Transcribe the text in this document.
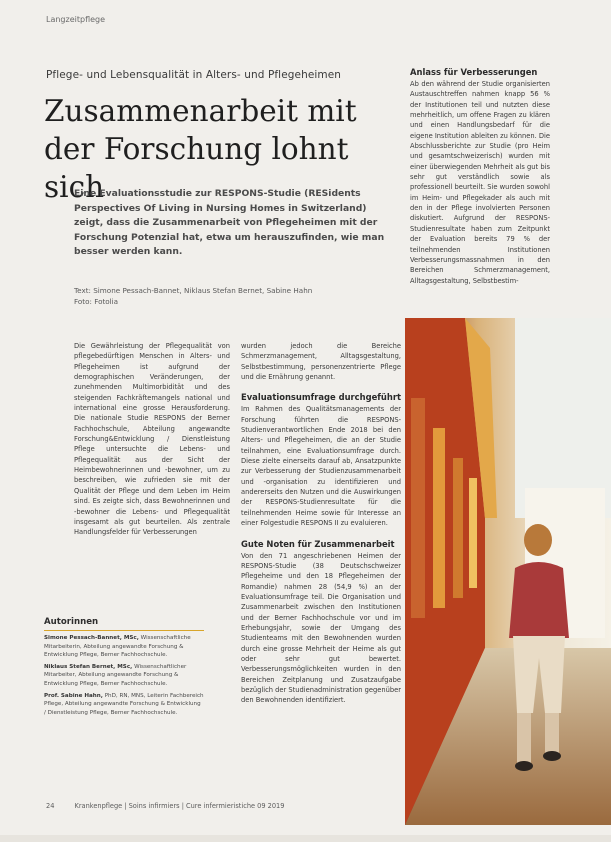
Langzeitpflege
Pflege- und Lebensqualität in Alters- und Pflegeheimen
Zusammenarbeit mit der Forschung lohnt sich
Eine Evaluationsstudie zur RESPONS-Studie (RESidents Perspectives Of Living in Nursing Homes in Switzerland) zeigt, dass die Zusammenarbeit von Pflegeheimen mit der Forschung Potenzial hat, etwa um herauszufinden, wie man besser werden kann.
Text: Simone Pessach-Bannet, Niklaus Stefan Bernet, Sabine Hahn
Foto: Fotolia

Die Gewährleistung der Pflegequalität von pflegebedürftigen Menschen in Alters- und Pflegeheimen ist aufgrund der demographischen Veränderungen, der zunehmenden Multimorbidität und des steigenden Fachkräftemangels national und international eine grosse Herausforderung. Die nationale Studie RESPONS der Berner Fachhochschule, Abteilung angewandte Forschung&Entwicklung / Dienstleistung Pflege untersuchte die Lebens- und Pflegequalität aus der Sicht der Heimbewohnerinnen und -bewohner, um zu beschreiben, wie zufrieden sie mit der Qualität der Pflege und dem Leben im Heim sind. Es zeigte sich, dass Bewohnerinnen und -bewohner die Lebens- und Pflegequalität insgesamt als gut beurteilen. Als zentrale Handlungsfelder für Verbesserungen

wurden jedoch die Bereiche Schmerzmanagement, Alltagsgestaltung, Selbstbestimmung, personenzentrierte Pflege und die Ernährung genannt.

Evaluationsumfrage durchgeführt

Im Rahmen des Qualitätsmanagements der Forschung führten die RESPONS-Studienverantwortlichen Ende 2018 bei den Alters- und Pflegeheimen, die an der Studie teilnahmen, eine Evaluationsumfrage durch. Diese zielte einerseits darauf ab, Ansatzpunkte zur Verbesserung der Studienzusammenarbeit und -organisation zu identifizieren und andererseits den Nutzen und die Auswirkungen der RESPONS-Studienresultate für die teilnehmenden Heime sowie für Interesse an einer Folgestudie RESPONS II zu evaluieren.

Gute Noten für Zusammenarbeit

Von den 71 angeschriebenen Heimen der RESPONS-Studie (38 Deutschschweizer Pflegeheime und den 18 Pflegeheimen der Romandie) nahmen 28 (54,9 %) an der Evaluationsumfrage teil. Die Organisation und Zusammenarbeit zwischen den Institutionen und der Berner Fachhochschule vor und im Erhebungsjahr, sowie der Umgang des Studienteams mit den Bewohnenden wurden durch eine grosse Mehrheit der Heime als gut oder sehr gut bewertet. Verbesserungsmöglichkeiten wurden in den Bereichen Zeitplanung und Zusatzaufgabe bezüglich der Studienadministration gegenüber den Bewohnenden identifiziert.

Anlass für Verbesserungen

Ab den während der Studie organisierten Austauschtreffen nahmen knapp 56 % der Institutionen teil und nutzten diese mehrheitlich, um offene Fragen zu klären und einen Handlungsbedarf für die eigene Institution ableiten zu können. Die Abschlussberichte zur Studie (pro Heim und gesamtschweizerisch) wurden mit einer überwiegenden Mehrheit als gut bis sehr gut verständlich sowie als professionell beurteilt. Sie wurden sowohl im Heim- und Pflegekader als auch mit den in der Pflege involvierten Personen diskutiert. Aufgrund der RESPONS-Studienresultate haben zum Zeitpunkt der Evaluation bereits 79 % der teilnehmenden Institutionen Verbesserungsmassnahmen in den Bereichen Schmerzmanagement, Alltagsgestaltung, Selbstbestim-

Autorinnen
Simone Pessach-Bannet, MSc, Wissenschaftliche Mitarbeiterin, Abteilung angewandte Forschung & Entwicklung Pflege, Berner Fachhochschule.
Niklaus Stefan Bernet, MSc, Wissenschaftlicher Mitarbeiter, Abteilung angewandte Forschung & Entwicklung Pflege, Berner Fachhochschule.
Prof. Sabine Hahn, PhD, RN, MNS, Leiterin Fachbereich Pflege, Abteilung angewandte Forschung & Entwicklung / Dienstleistung Pflege, Berner Fachhochschule.
24	Krankenpflege | Soins infirmiers | Cure infermieristiche 09 2019
